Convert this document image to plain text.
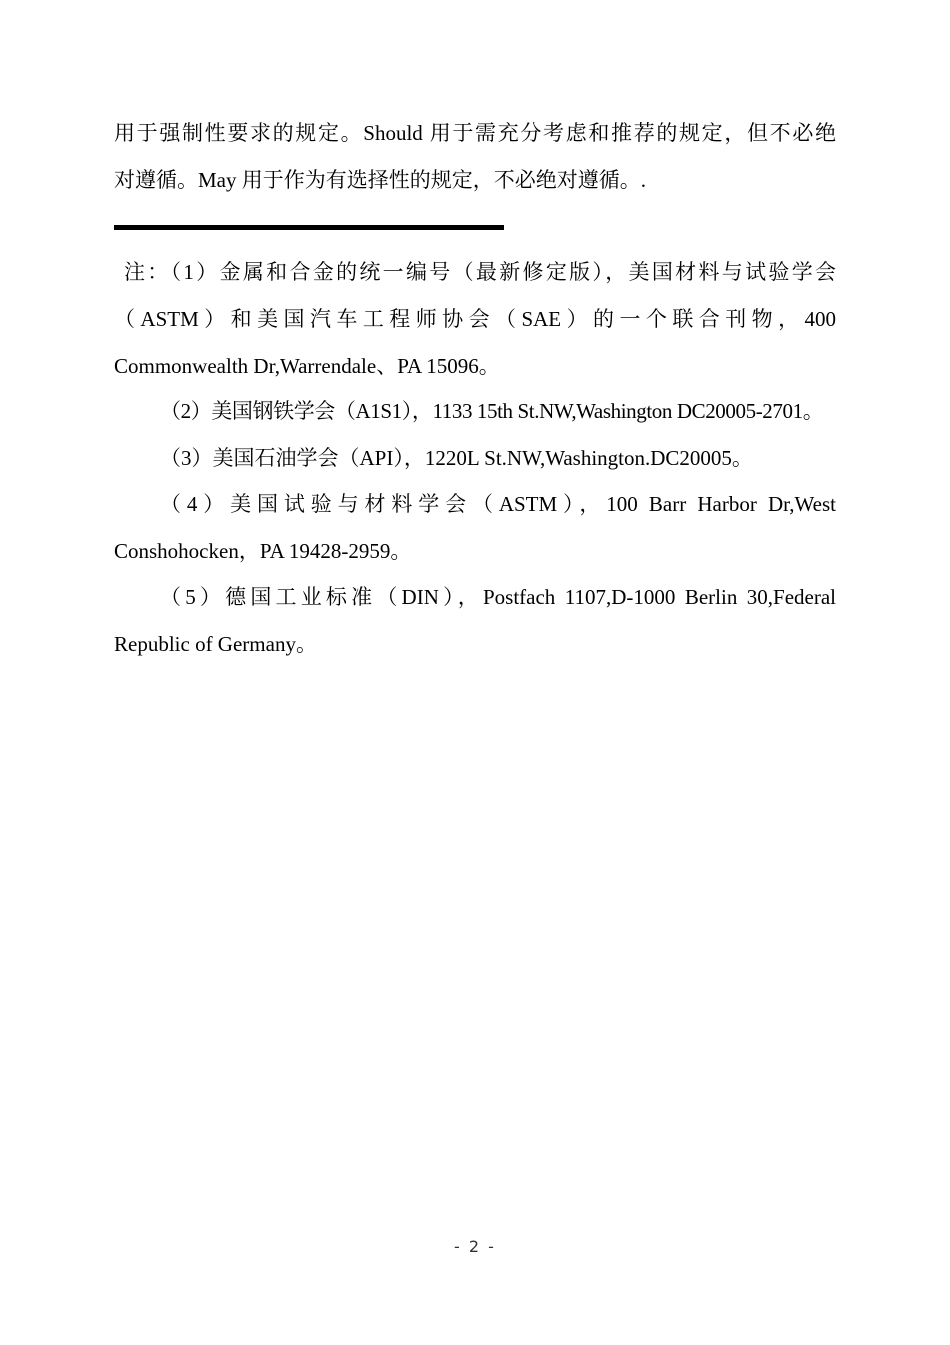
用于强制性要求的规定。Should 用于需充分考虑和推荐的规定，但不必绝
对遵循。May 用于作为有选择性的规定，不必绝对遵循。.
注：（1）金属和合金的统一编号（最新修定版），美国材料与试验学会
（ASTM）和美国汽车工程师协会（SAE）的一个联合刊物，400
Commonwealth Dr,Warrendale、PA 15096。
（2）美国钢铁学会（A1S1），1133 15th St.NW,Washington DC20005-2701。
（3）美国石油学会（API），1220L St.NW,Washington.DC20005。
（4）美国试验与材料学会（ASTM），100 Barr Harbor Dr,West
Conshohocken，PA 19428-2959。
（5）德国工业标准（DIN），Postfach 1107,D-1000 Berlin 30,Federal
Republic of Germany。
- 2 -
